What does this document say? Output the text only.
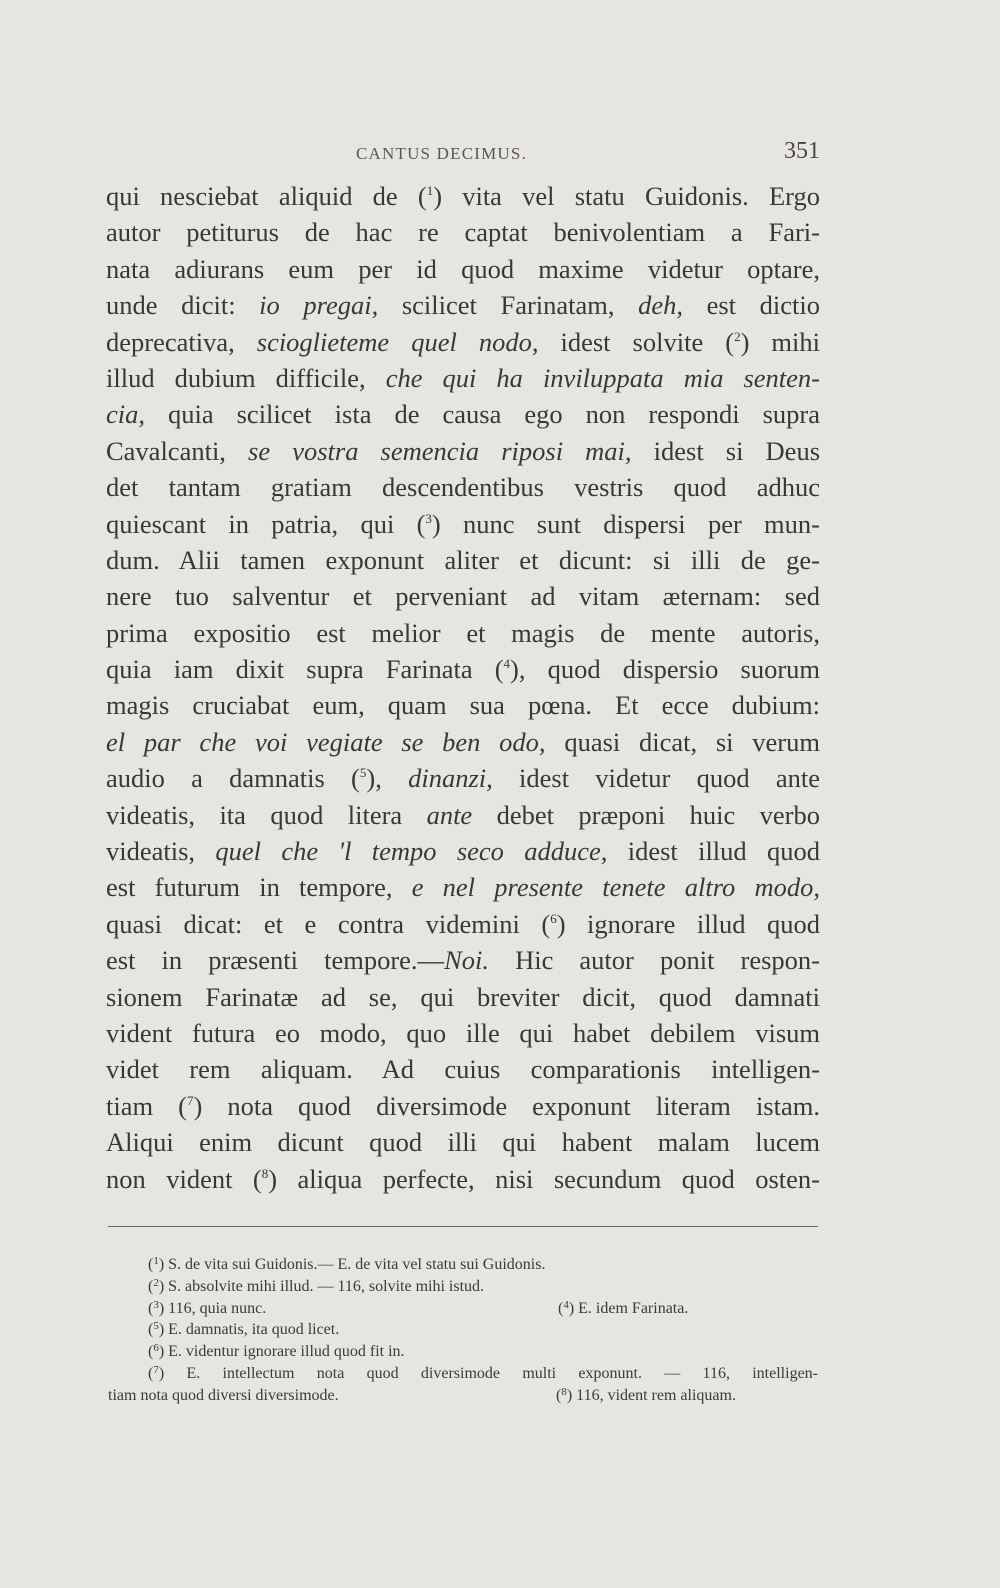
CANTUS DECIMUS.	351
qui nesciebat aliquid de ($^1$) vita vel statu Guidonis. Ergo
autor petiturus de hac re captat benivolentiam a Fari-
nata adiurans eum per id quod maxime videtur optare,
unde dicit: io pregai, scilicet Farinatam, deh, est dictio
deprecativa, scioglieteme quel nodo, idest solvite ($^2$) mihi
illud dubium difficile, che qui ha inviluppata mia senten-
cia, quia scilicet ista de causa ego non respondi supra
Cavalcanti, se vostra semencia riposi mai, idest si Deus
det tantam gratiam descendentibus vestris quod adhuc
quiescant in patria, qui ($^3$) nunc sunt dispersi per mun-
dum. Alii tamen exponunt aliter et dicunt: si illi de ge-
nere tuo salventur et perveniant ad vitam æternam: sed
prima expositio est melior et magis de mente autoris,
quia iam dixit supra Farinata ($^4$), quod dispersio suorum
magis cruciabat eum, quam sua pœna. Et ecce dubium:
el par che voi vegiate se ben odo, quasi dicat, si verum
audio a damnatis ($^5$), dinanzi, idest videtur quod ante
videatis, ita quod litera ante debet præponi huic verbo
videatis, quel che 'l tempo seco adduce, idest illud quod
est futurum in tempore, e nel presente tenete altro modo,
quasi dicat: et e contra videmini ($^6$) ignorare illud quod
est in præsenti tempore.—Noi. Hic autor ponit respon-
sionem Farinatæ ad se, qui breviter dicit, quod damnati
vident futura eo modo, quo ille qui habet debilem visum
videt rem aliquam. Ad cuius comparationis intelligen-
tiam ($^7$) nota quod diversimode exponunt literam istam.
Aliqui enim dicunt quod illi qui habent malam lucem
non vident ($^8$) aliqua perfecte, nisi secundum quod osten-
($^1$) S. de vita sui Guidonis.— E. de vita vel statu sui Guidonis.
($^2$) S. absolvite mihi illud. — 116, solvite mihi istud.
($^3$) 116, quia nunc.	($^4$) E. idem Farinata.
($^5$) E. damnatis, ita quod licet.
($^6$) E. videntur ignorare illud quod fit in.
($^7$) E. intellectum nota quod diversimode multi exponunt. — 116, intelligen-
tiam nota quod diversi diversimode.	($^8$) 116, vident rem aliquam.
